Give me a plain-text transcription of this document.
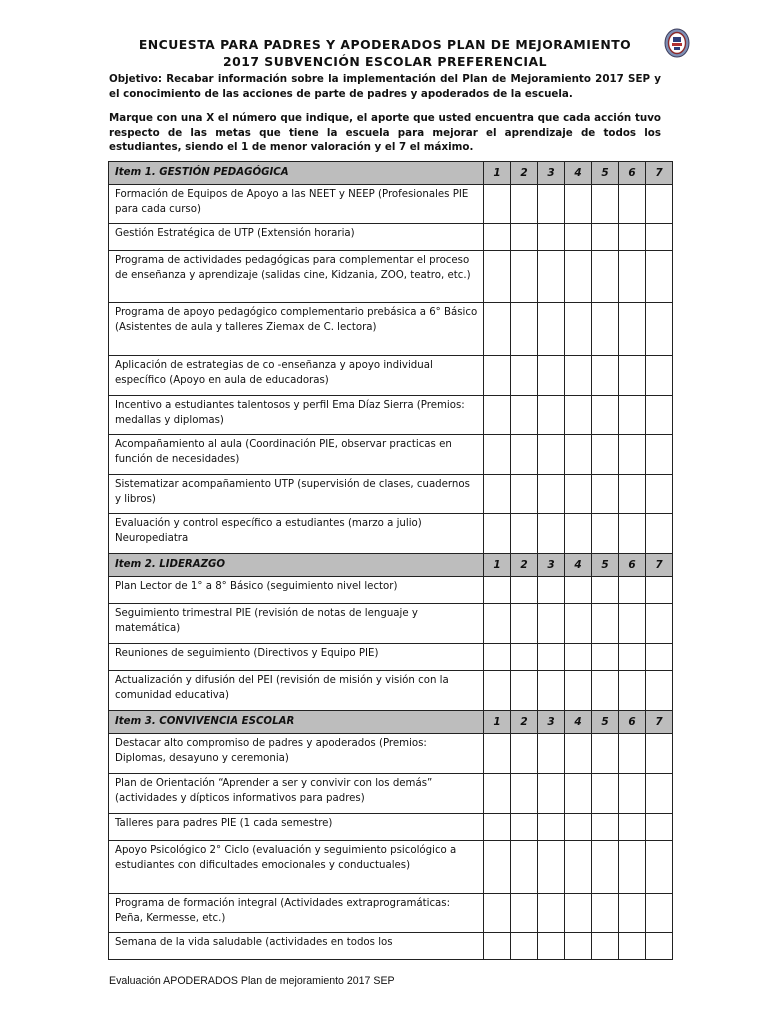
ENCUESTA PARA PADRES Y APODERADOS PLAN DE MEJORAMIENTO
2017 SUBVENCIÓN ESCOLAR PREFERENCIAL
Objetivo: Recabar información sobre la implementación del Plan de Mejoramiento 2017 SEP y el conocimiento de las acciones de parte de padres y apoderados de la escuela.
Marque con una X el número que indique, el aporte que usted encuentra que cada acción tuvo respecto de las metas que tiene la escuela para mejorar el aprendizaje de todos los estudiantes, siendo el 1 de menor valoración y el 7 el máximo.
Item 1. GESTIÓN PEDAGÓGICA	1	2	3	4	5	6	7
Formación de Equipos de Apoyo a las NEET y NEEP (Profesionales PIE para cada curso)							
Gestión Estratégica de UTP (Extensión horaria)							
Programa de actividades pedagógicas para complementar el proceso de enseñanza y aprendizaje (salidas cine, Kidzania, ZOO, teatro, etc.)							
Programa de apoyo pedagógico complementario prebásica a 6° Básico (Asistentes de aula y talleres Ziemax de C. lectora)							
Aplicación de estrategias de co -enseñanza y apoyo individual específico (Apoyo en aula de educadoras)							
Incentivo a estudiantes talentosos y perfil Ema Díaz Sierra (Premios: medallas y diplomas)							
Acompañamiento al aula (Coordinación PIE, observar practicas en función de necesidades)							
Sistematizar acompañamiento UTP (supervisión de clases, cuadernos y libros)							
Evaluación y control específico a estudiantes (marzo a julio) Neuropediatra							
Item 2. LIDERAZGO	1	2	3	4	5	6	7
Plan Lector de 1° a 8° Básico (seguimiento nivel lector)							
Seguimiento trimestral PIE (revisión de notas de lenguaje y matemática)							
Reuniones de seguimiento (Directivos y Equipo PIE)							
Actualización y difusión del PEI (revisión de misión y visión con la comunidad educativa)							
Item 3. CONVIVENCIA ESCOLAR	1	2	3	4	5	6	7
Destacar alto compromiso de padres y apoderados (Premios: Diplomas, desayuno y ceremonia)							
Plan de Orientación “Aprender a ser y convivir con los demás” (actividades y dípticos informativos para padres)							
Talleres para padres PIE (1 cada semestre)							
Apoyo Psicológico 2° Ciclo (evaluación y seguimiento psicológico a estudiantes con dificultades emocionales y conductuales)							
Programa de formación integral (Actividades extraprogramáticas: Peña, Kermesse, etc.)							
Semana de la vida saludable (actividades en todos los							
Evaluación APODERADOS Plan de mejoramiento 2017 SEP
